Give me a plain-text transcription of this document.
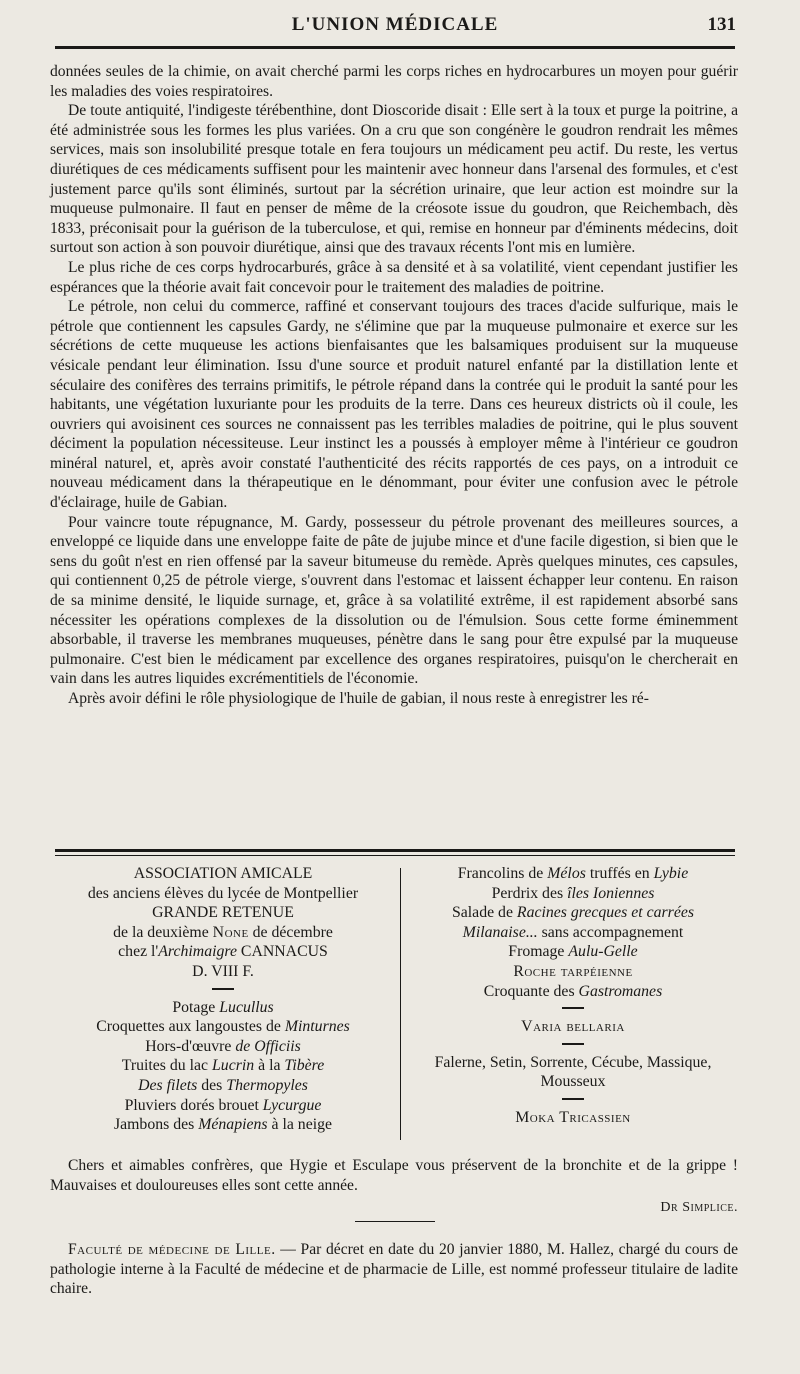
L'UNION MÉDICALE	131

données seules de la chimie, on avait cherché parmi les corps riches en hydrocarbures un moyen pour guérir les maladies des voies respiratoires.

De toute antiquité, l'indigeste térébenthine, dont Dioscoride disait : Elle sert à la toux et purge la poitrine, a été administrée sous les formes les plus variées. On a cru que son congénère le goudron rendrait les mêmes services, mais son insolubilité presque totale en fera toujours un médicament peu actif. Du reste, les vertus diurétiques de ces médicaments suffisent pour les maintenir avec honneur dans l'arsenal des formules, et c'est justement parce qu'ils sont éliminés, surtout par la sécrétion urinaire, que leur action est moindre sur la muqueuse pulmonaire. Il faut en penser de même de la créosote issue du goudron, que Reichembach, dès 1833, préconisait pour la guérison de la tuberculose, et qui, remise en honneur par d'éminents médecins, doit surtout son action à son pouvoir diurétique, ainsi que des travaux récents l'ont mis en lumière.

Le plus riche de ces corps hydrocarburés, grâce à sa densité et à sa volatilité, vient cependant justifier les espérances que la théorie avait fait concevoir pour le traitement des maladies de poitrine.

Le pétrole, non celui du commerce, raffiné et conservant toujours des traces d'acide sulfurique, mais le pétrole que contiennent les capsules Gardy, ne s'élimine que par la muqueuse pulmonaire et exerce sur les sécrétions de cette muqueuse les actions bienfaisantes que les balsamiques produisent sur la muqueuse vésicale pendant leur élimination. Issu d'une source et produit naturel enfanté par la distillation lente et séculaire des conifères des terrains primitifs, le pétrole répand dans la contrée qui le produit la santé pour les habitants, une végétation luxuriante pour les produits de la terre. Dans ces heureux districts où il coule, les ouvriers qui avoisinent ces sources ne connaissent pas les terribles maladies de poitrine, qui le plus souvent déciment la population nécessiteuse. Leur instinct les a poussés à employer même à l'intérieur ce goudron minéral naturel, et, après avoir constaté l'authenticité des récits rapportés de ces pays, on a introduit ce nouveau médicament dans la thérapeutique en le dénommant, pour éviter une confusion avec le pétrole d'éclairage, huile de Gabian.

Pour vaincre toute répugnance, M. Gardy, possesseur du pétrole provenant des meilleures sources, a enveloppé ce liquide dans une enveloppe faite de pâte de jujube mince et d'une facile digestion, si bien que le sens du goût n'est en rien offensé par la saveur bitumeuse du remède. Après quelques minutes, ces capsules, qui contiennent 0,25 de pétrole vierge, s'ouvrent dans l'estomac et laissent échapper leur contenu. En raison de sa minime densité, le liquide surnage, et, grâce à sa volatilité extrême, il est rapidement absorbé sans nécessiter les opérations complexes de la dissolution ou de l'émulsion. Sous cette forme éminemment absorbable, il traverse les membranes muqueuses, pénètre dans le sang pour être expulsé par la muqueuse pulmonaire. C'est bien le médicament par excellence des organes respiratoires, puisqu'on le chercherait en vain dans les autres liquides excrémentitiels de l'économie.

Après avoir défini le rôle physiologique de l'huile de gabian, il nous reste à enregistrer les ré-

ASSOCIATION AMICALE
des anciens élèves du lycée de Montpellier
GRANDE RETENUE
de la deuxième None de décembre
chez l'Archimaigre CANNACUS
D. VIII F.
Potage Lucullus
Croquettes aux langoustes de Minturnes
Hors-d'œuvre de Officiis
Truites du lac Lucrin à la Tibère
Des filets des Thermopyles
Pluviers dorés brouet Lycurgue
Jambons des Ménapiens à la neige
Francolins de Mélos truffés en Lybie
Perdrix des îles Ioniennes
Salade de Racines grecques et carrées
Milanaise... sans accompagnement
Fromage Aulu-Gelle
Roche tarpéienne
Croquante des Gastromanes
Varia bellaria
Falerne, Setin, Sorrente, Cécube, Massique,
Mousseux
Moka Tricassien

Chers et aimables confrères, que Hygie et Esculape vous préservent de la bronchite et de la grippe ! Mauvaises et douloureuses elles sont cette année.

Dr Simplice.

Faculté de médecine de Lille. — Par décret en date du 20 janvier 1880, M. Hallez, chargé du cours de pathologie interne à la Faculté de médecine et de pharmacie de Lille, est nommé professeur titulaire de ladite chaire.
